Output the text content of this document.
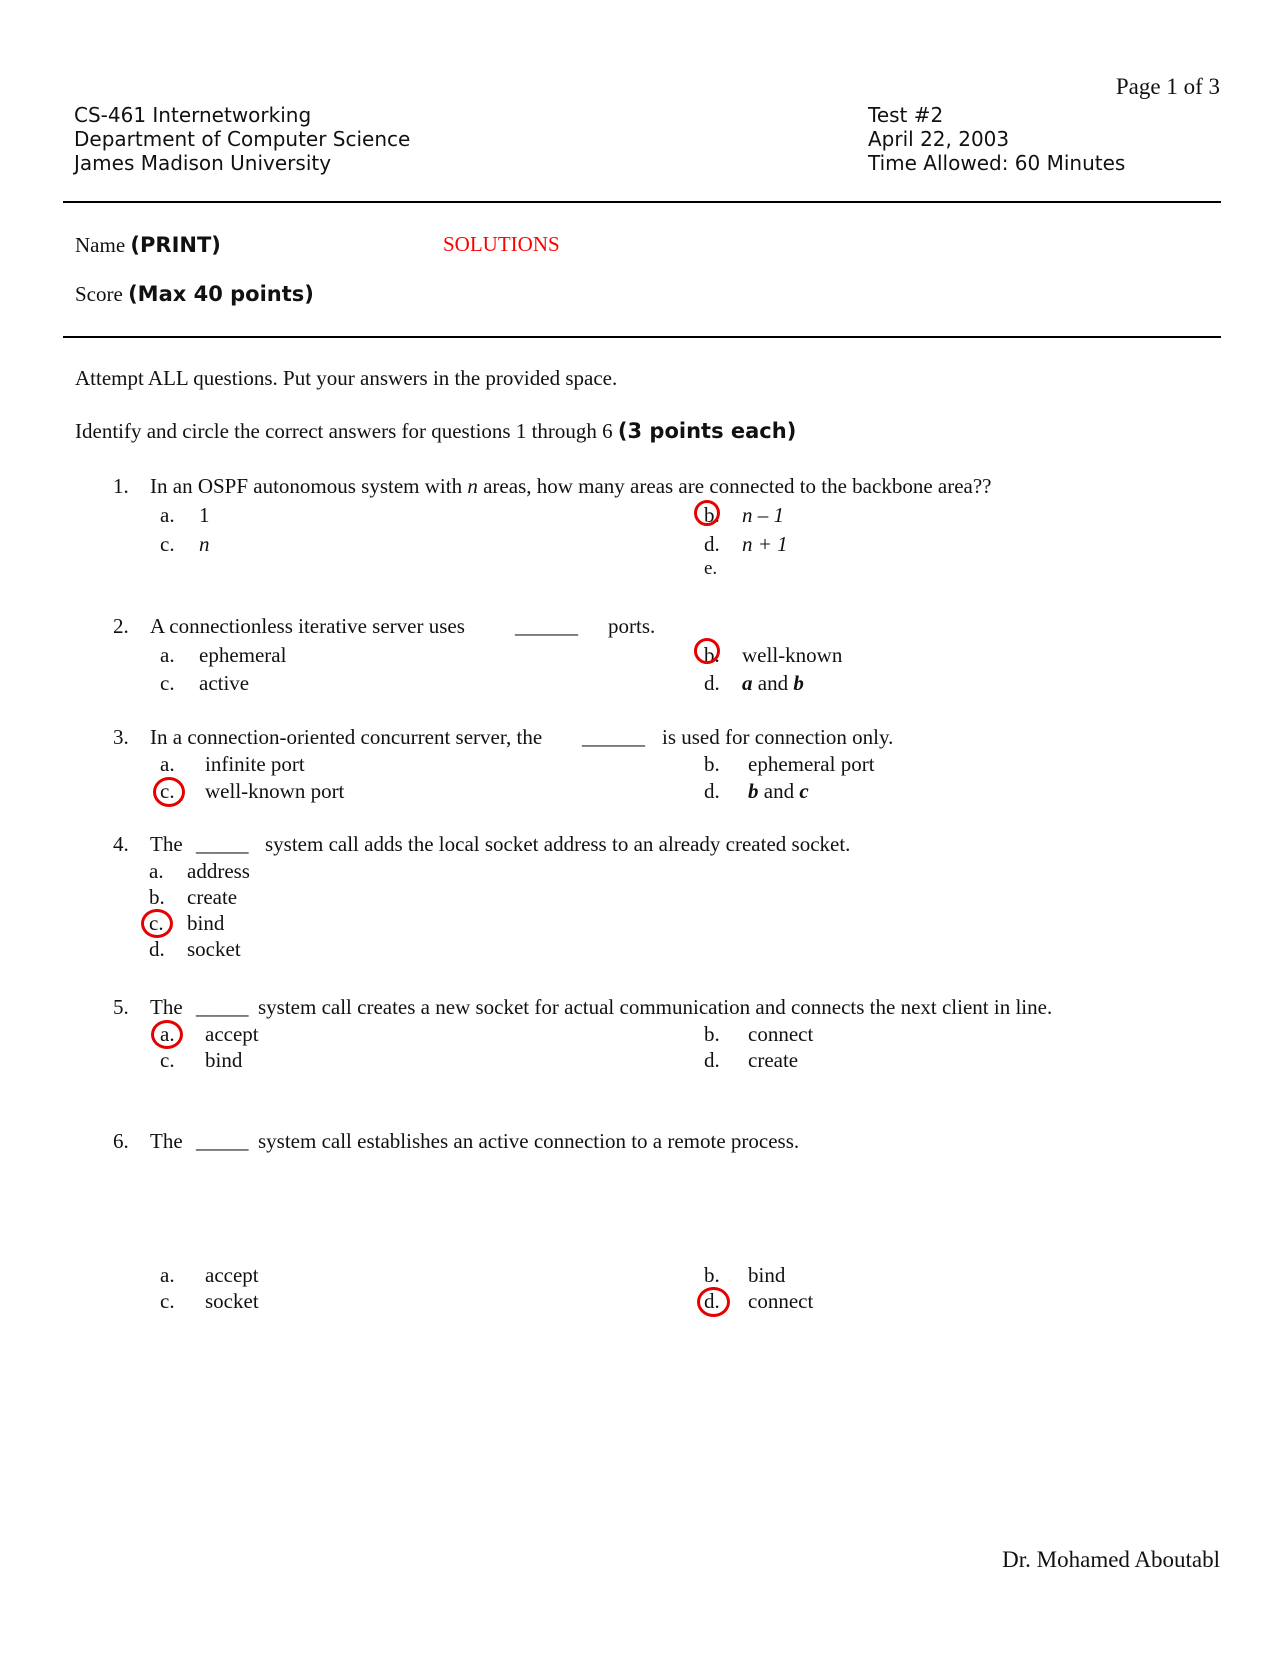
Page 1 of 3
CS-461 Internetworking
Department of Computer Science
James Madison University
Test #2
April 22, 2003
Time Allowed: 60 Minutes
Name (PRINT)	SOLUTIONS
Score (Max 40 points)
Attempt ALL questions. Put your answers in the provided space.
Identify and circle the correct answers for questions 1 through 6 (3 points each)
1. In an OSPF autonomous system with n areas, how many areas are connected to the backbone area??
a. 1	b. n – 1
c. n	d. n + 1
e.
2. A connectionless iterative server uses ______ ports.
a. ephemeral	b. well-known
c. active	d. a and b
3. In a connection-oriented concurrent server, the ______ is used for connection only.
a. infinite port	b. ephemeral port
c. well-known port	d. b and c
4. The _____ system call adds the local socket address to an already created socket.
a. address
b. create
c. bind
d. socket
5. The _____ system call creates a new socket for actual communication and connects the next client in line.
a. accept	b. connect
c. bind	d. create
6. The _____ system call establishes an active connection to a remote process.
a. accept	b. bind
c. socket	d. connect
Dr. Mohamed Aboutabl
